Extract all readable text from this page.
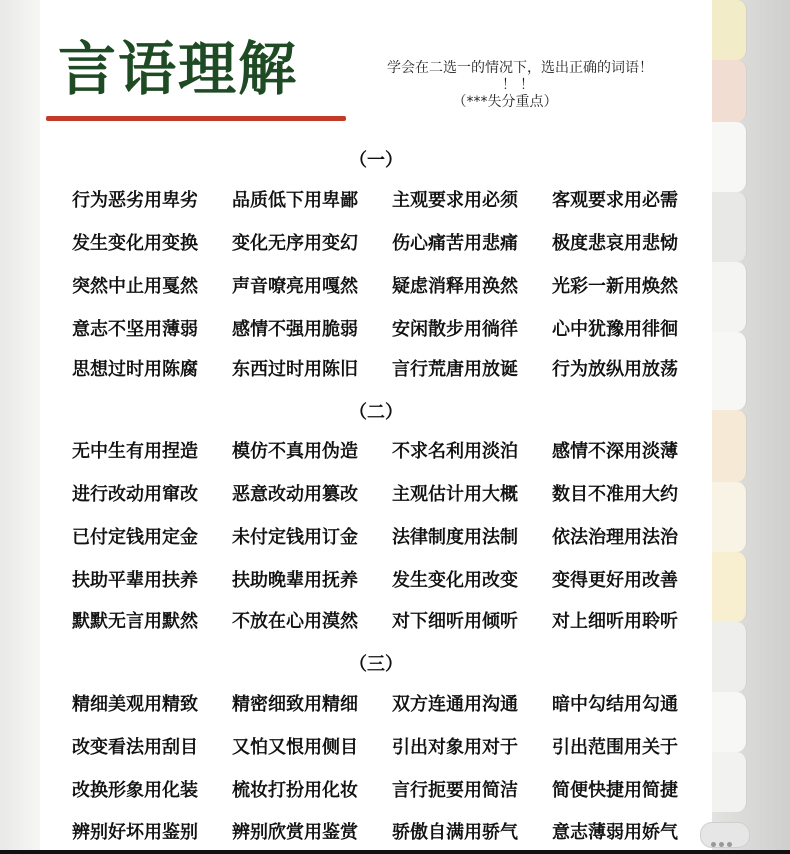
言语理解	学会在二选一的情况下，选出正确的词语！
！！
（***失分重点）
（一）
行为恶劣用卑劣	品质低下用卑鄙	主观要求用必须	客观要求用必需
发生变化用变换	变化无序用变幻	伤心痛苦用悲痛	极度悲哀用悲恸
突然中止用戛然	声音嘹亮用嘎然	疑虑消释用涣然	光彩一新用焕然
意志不坚用薄弱	感情不强用脆弱	安闲散步用徜徉	心中犹豫用徘徊
思想过时用陈腐	东西过时用陈旧	言行荒唐用放诞	行为放纵用放荡
（二）
无中生有用捏造	模仿不真用伪造	不求名利用淡泊	感情不深用淡薄
进行改动用窜改	恶意改动用篡改	主观估计用大概	数目不准用大约
已付定钱用定金	未付定钱用订金	法律制度用法制	依法治理用法治
扶助平辈用扶养	扶助晚辈用抚养	发生变化用改变	变得更好用改善
默默无言用默然	不放在心用漠然	对下细听用倾听	对上细听用聆听
（三）
精细美观用精致	精密细致用精细	双方连通用沟通	暗中勾结用勾通
改变看法用刮目	又怕又恨用侧目	引出对象用对于	引出范围用关于
改换形象用化装	梳妆打扮用化妆	言行扼要用简洁	简便快捷用简捷
辨别好坏用鉴别	辨别欣赏用鉴赏	骄傲自满用骄气	意志薄弱用娇气
